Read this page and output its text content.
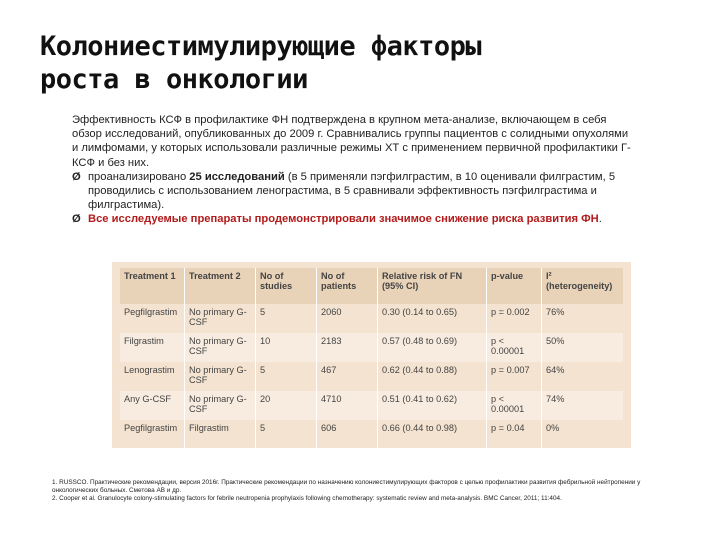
Колониестимулирующие факторы
роста в онкологии
Эффективность КСФ в профилактике ФН подтверждена в крупном мета-анализе, включающем в себя обзор исследований, опубликованных до 2009 г. Сравнивались группы пациентов с солидными опухолями и лимфомами, у которых использовали различные режимы ХТ с применением первичной профилактики Г-КСФ и без них.
Ø проанализировано 25 исследований (в 5 применяли пэгфилграстим, в 10 оценивали филграстим, 5 проводились с использованием ленограстима, в 5 сравнивали эффективность пэгфилграстима и филграстима).
Ø Все исследуемые препараты продемонстрировали значимое снижение риска развития ФН.
Treatment 1	Treatment 2	No of studies	No of patients	Relative risk of FN (95% CI)	p-value	I² (heterogeneity)
Pegfilgrastim	No primary G-CSF	5	2060	0.30 (0.14 to 0.65)	p = 0.002	76%
Filgrastim	No primary G-CSF	10	2183	0.57 (0.48 to 0.69)	p < 0.00001	50%
Lenograstim	No primary G-CSF	5	467	0.62 (0.44 to 0.88)	p = 0.007	64%
Any G-CSF	No primary G-CSF	20	4710	0.51 (0.41 to 0.62)	p < 0.00001	74%
Pegfilgrastim	Filgrastim	5	606	0.66 (0.44 to 0.98)	p = 0.04	0%
1. RUSSCO. Практические рекомендации, версия 2016г. Практические рекомендации по назначению колониестимулирующих факторов с целью профилактики развития фебрильной нейтропении у онкологических больных. Сметова АВ и др.
2. Cooper et al. Granulocyte colony-stimulating factors for febrile neutropenia prophylaxis following chemotherapy: systematic review and meta-analysis. BMC Cancer, 2011; 11:404.
